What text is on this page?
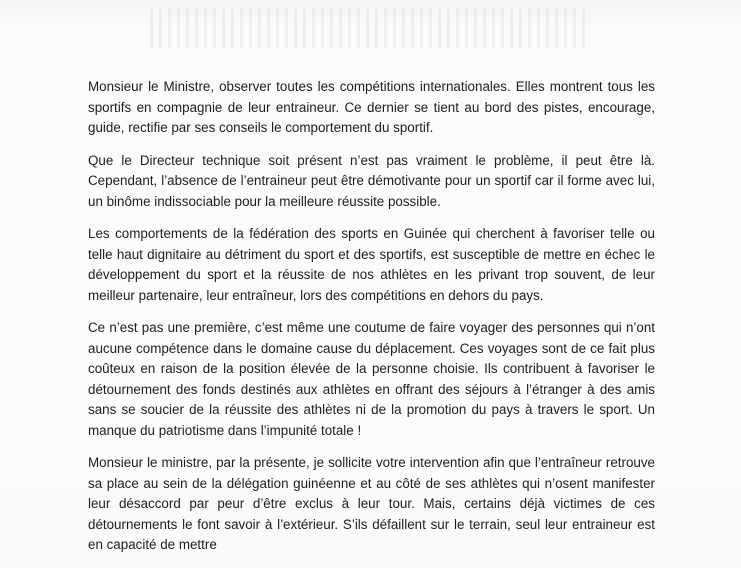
Monsieur le Ministre, observer toutes les compétitions internationales. Elles montrent tous les sportifs en compagnie de leur entraineur. Ce dernier se tient au bord des pistes, encourage, guide, rectifie par ses conseils le comportement du sportif.

Que le Directeur technique soit présent n’est pas vraiment le problème, il peut être là. Cependant, l’absence de l’entraineur peut être démotivante pour un sportif car il forme avec lui, un binôme indissociable pour la meilleure réussite possible.

Les comportements de la fédération des sports en Guinée qui cherchent à favoriser telle ou telle haut dignitaire au détriment du sport et des sportifs, est susceptible de mettre en échec le développement du sport et la réussite de nos athlètes en les privant trop souvent, de leur meilleur partenaire, leur entraîneur, lors des compétitions en dehors du pays.

Ce n’est pas une première, c’est même une coutume de faire voyager des personnes qui n’ont aucune compétence dans le domaine cause du déplacement. Ces voyages sont de ce fait plus coûteux en raison de la position élevée de la personne choisie. Ils contribuent à favoriser le détournement des fonds destinés aux athlètes en offrant des séjours à l’étranger à des amis sans se soucier de la réussite des athlètes ni de la promotion du pays à travers le sport. Un manque du patriotisme dans l’impunité totale !

Monsieur le ministre, par la présente, je sollicite votre intervention afin que l’entraîneur retrouve sa place au sein de la délégation guinéenne et au côté de ses athlètes qui n’osent manifester leur désaccord par peur d’être exclus à leur tour. Mais, certains déjà victimes de ces détournements le font savoir à l’extérieur. S’ils défaillent sur le terrain, seul leur entraineur est en capacité de mettre
